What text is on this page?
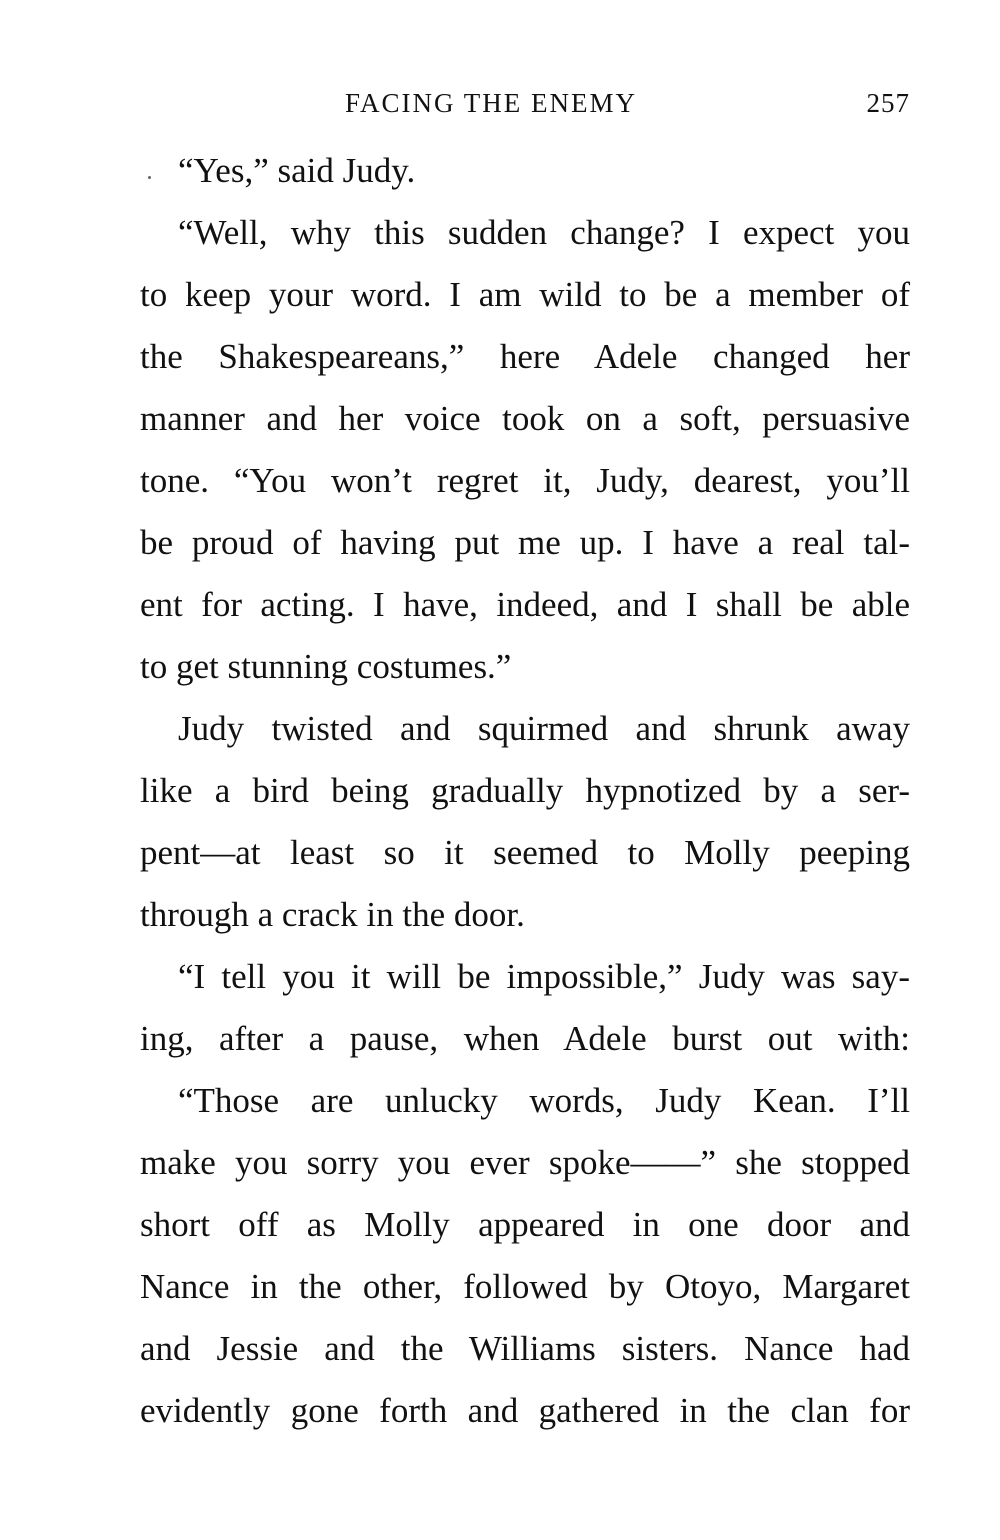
FACING THE ENEMY	257
“Yes,” said Judy.
“Well, why this sudden change? I expect you
to keep your word. I am wild to be a member of
the Shakespeareans,” here Adele changed her
manner and her voice took on a soft, persuasive
tone. “You won’t regret it, Judy, dearest, you’ll
be proud of having put me up. I have a real tal-
ent for acting. I have, indeed, and I shall be able
to get stunning costumes.”
Judy twisted and squirmed and shrunk away
like a bird being gradually hypnotized by a ser-
pent—at least so it seemed to Molly peeping
through a crack in the door.
“I tell you it will be impossible,” Judy was say-
ing, after a pause, when Adele burst out with:
“Those are unlucky words, Judy Kean. I’ll
make you sorry you ever spoke——” she stopped
short off as Molly appeared in one door and
Nance in the other, followed by Otoyo, Margaret
and Jessie and the Williams sisters. Nance had
evidently gone forth and gathered in the clan for
